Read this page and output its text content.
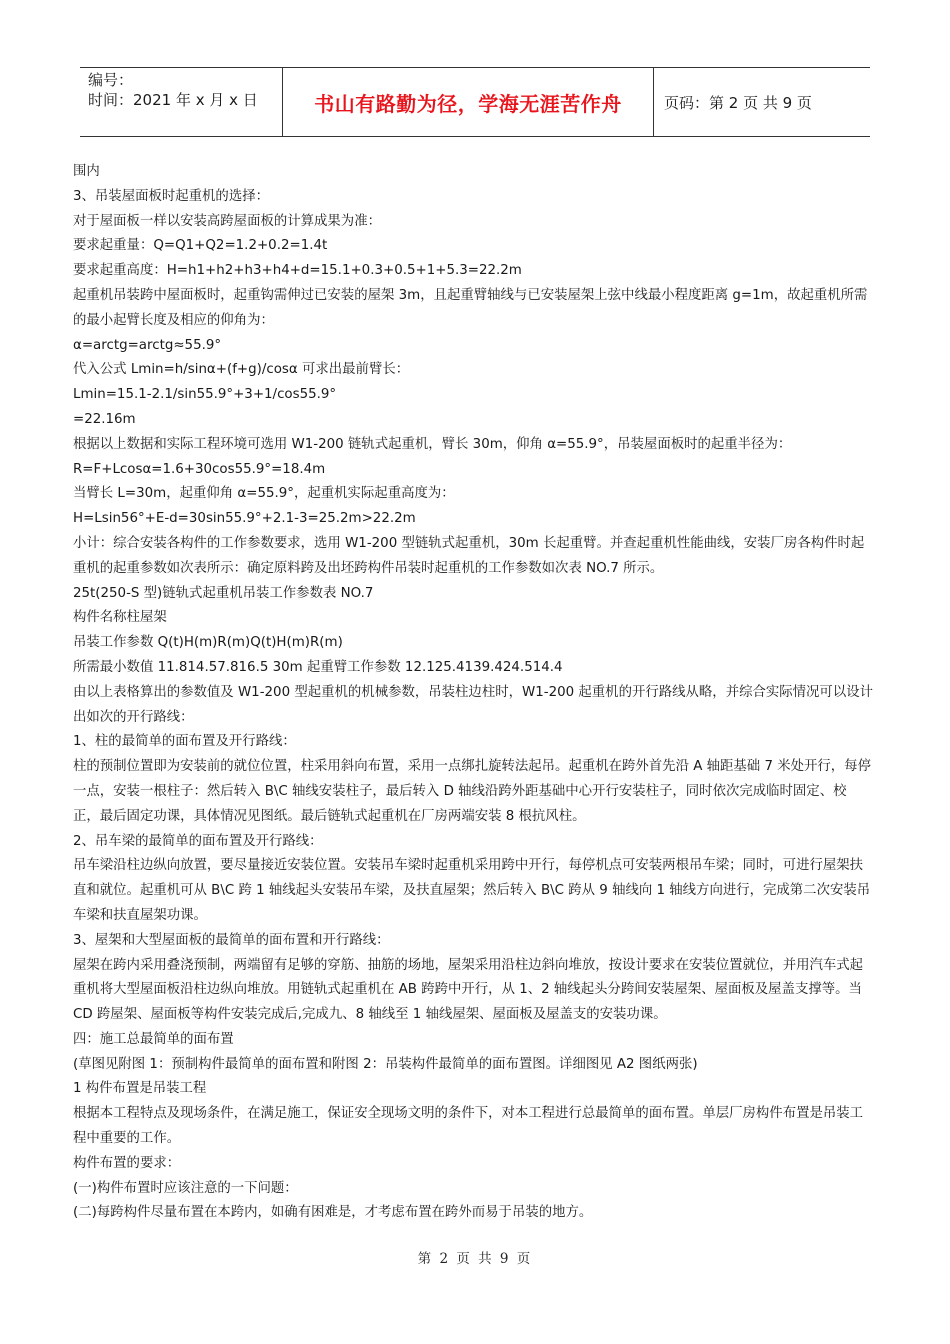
编号：
时间：2021 年 x 月 x 日	书山有路勤为径，学海无涯苦作舟	页码：第 2 页 共 9 页

围内

3、吊装屋面板时起重机的选择：

对于屋面板一样以安装高跨屋面板的计算成果为准：

要求起重量：Q=Q1+Q2=1.2+0.2=1.4t

要求起重高度：H=h1+h2+h3+h4+d=15.1+0.3+0.5+1+5.3=22.2m

起重机吊装跨中屋面板时，起重钩需伸过已安装的屋架 3m，且起重臂轴线与已安装屋架上弦中线最小程度距离 g=1m，故起重机所需的最小起臂长度及相应的仰角为：

α=arctg=arctg≈55.9°

代入公式 Lmin=h/sinα+(f+g)/cosα 可求出最前臂长：

Lmin=15.1-2.1/sin55.9°+3+1/cos55.9°

=22.16m

根据以上数据和实际工程环境可选用 W1-200 链轨式起重机，臂长 30m，仰角 α=55.9°，吊装屋面板时的起重半径为：

R=F+Lcosα=1.6+30cos55.9°=18.4m

当臂长 L=30m，起重仰角 α=55.9°，起重机实际起重高度为：

H=Lsin56°+E-d=30sin55.9°+2.1-3=25.2m>22.2m

小计：综合安装各构件的工作参数要求，选用 W1-200 型链轨式起重机，30m 长起重臂。并查起重机性能曲线，安装厂房各构件时起重机的起重参数如次表所示：确定原料跨及出坯跨构件吊装时起重机的工作参数如次表 NO.7 所示。

25t(250-S 型)链轨式起重机吊装工作参数表 NO.7

构件名称柱屋架

吊装工作参数 Q(t)H(m)R(m)Q(t)H(m)R(m)

所需最小数值 11.814.57.816.5 30m 起重臂工作参数 12.125.4139.424.514.4

由以上表格算出的参数值及 W1-200 型起重机的机械参数，吊装柱边柱时，W1-200 起重机的开行路线从略，并综合实际情况可以设计出如次的开行路线：

1、柱的最简单的面布置及开行路线：

柱的预制位置即为安装前的就位位置，柱采用斜向布置，采用一点绑扎旋转法起吊。起重机在跨外首先沿 A 轴距基础 7 米处开行，每停一点，安装一根柱子：然后转入 B\C 轴线安装柱子，最后转入 D 轴线沿跨外距基础中心开行安装柱子，同时依次完成临时固定、校正，最后固定功课，具体情况见图纸。最后链轨式起重机在厂房两端安装 8 根抗风柱。

2、吊车梁的最简单的面布置及开行路线：

吊车梁沿柱边纵向放置，要尽量接近安装位置。安装吊车梁时起重机采用跨中开行，每停机点可安装两根吊车梁；同时，可进行屋架扶直和就位。起重机可从 B\C 跨 1 轴线起头安装吊车梁，及扶直屋架；然后转入 B\C 跨从 9 轴线向 1 轴线方向进行，完成第二次安装吊车梁和扶直屋架功课。

3、屋架和大型屋面板的最简单的面布置和开行路线：

屋架在跨内采用叠浇预制，两端留有足够的穿筋、抽筋的场地，屋架采用沿柱边斜向堆放，按设计要求在安装位置就位，并用汽车式起重机将大型屋面板沿柱边纵向堆放。用链轨式起重机在 AB 跨跨中开行，从 1、2 轴线起头分跨间安装屋架、屋面板及屋盖支撑等。当 CD 跨屋架、屋面板等构件安装完成后,完成九、8 轴线至 1 轴线屋架、屋面板及屋盖支的安装功课。

四：施工总最简单的面布置

(草图见附图 1：预制构件最简单的面布置和附图 2：吊装构件最简单的面布置图。详细图见 A2 图纸两张)

1 构件布置是吊装工程

根据本工程特点及现场条件，在满足施工，保证安全现场文明的条件下，对本工程进行总最简单的面布置。单层厂房构件布置是吊装工程中重要的工作。

构件布置的要求：

(一)构件布置时应该注意的一下问题：

(二)每跨构件尽量布置在本跨内，如确有困难是，才考虑布置在跨外而易于吊装的地方。

第 2 页 共 9 页
